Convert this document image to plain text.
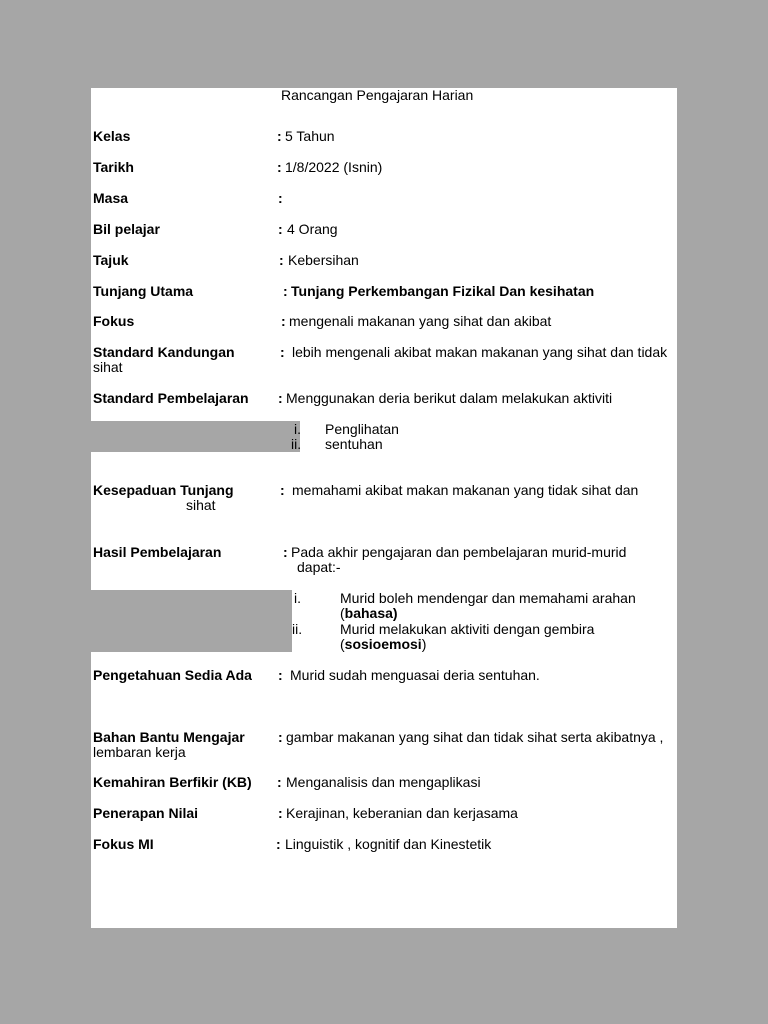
Rancangan Pengajaran Harian
Kelas	: 5 Tahun
Tarikh	: 1/8/2022 (Isnin)
Masa	:
Bil pelajar	: 4 Orang
Tajuk	: Kebersihan
Tunjang Utama	: Tunjang Perkembangan Fizikal Dan kesihatan
Fokus	: mengenali makanan yang sihat dan akibat
Standard Kandungan	: lebih mengenali akibat makan makanan yang sihat dan tidak
sihat
Standard Pembelajaran : Menggunakan deria berikut dalam melakukan aktiviti
i. Penglihatan
ii. sentuhan
Kesepaduan Tunjang	: memahami akibat makan makanan yang tidak sihat dan
sihat
Hasil Pembelajaran	: Pada akhir pengajaran dan pembelajaran murid-murid
dapat:-
i.	Murid boleh mendengar dan memahami arahan
(bahasa)
ii.	Murid melakukan aktiviti dengan gembira
(sosioemosi)
Pengetahuan Sedia Ada : Murid sudah menguasai deria sentuhan.
Bahan Bantu Mengajar : gambar makanan yang sihat dan tidak sihat serta akibatnya ,
lembaran kerja
Kemahiran Berfikir (KB) : Menganalisis dan mengaplikasi
Penerapan Nilai	: Kerajinan, keberanian dan kerjasama
Fokus MI	: Linguistik , kognitif dan Kinestetik
